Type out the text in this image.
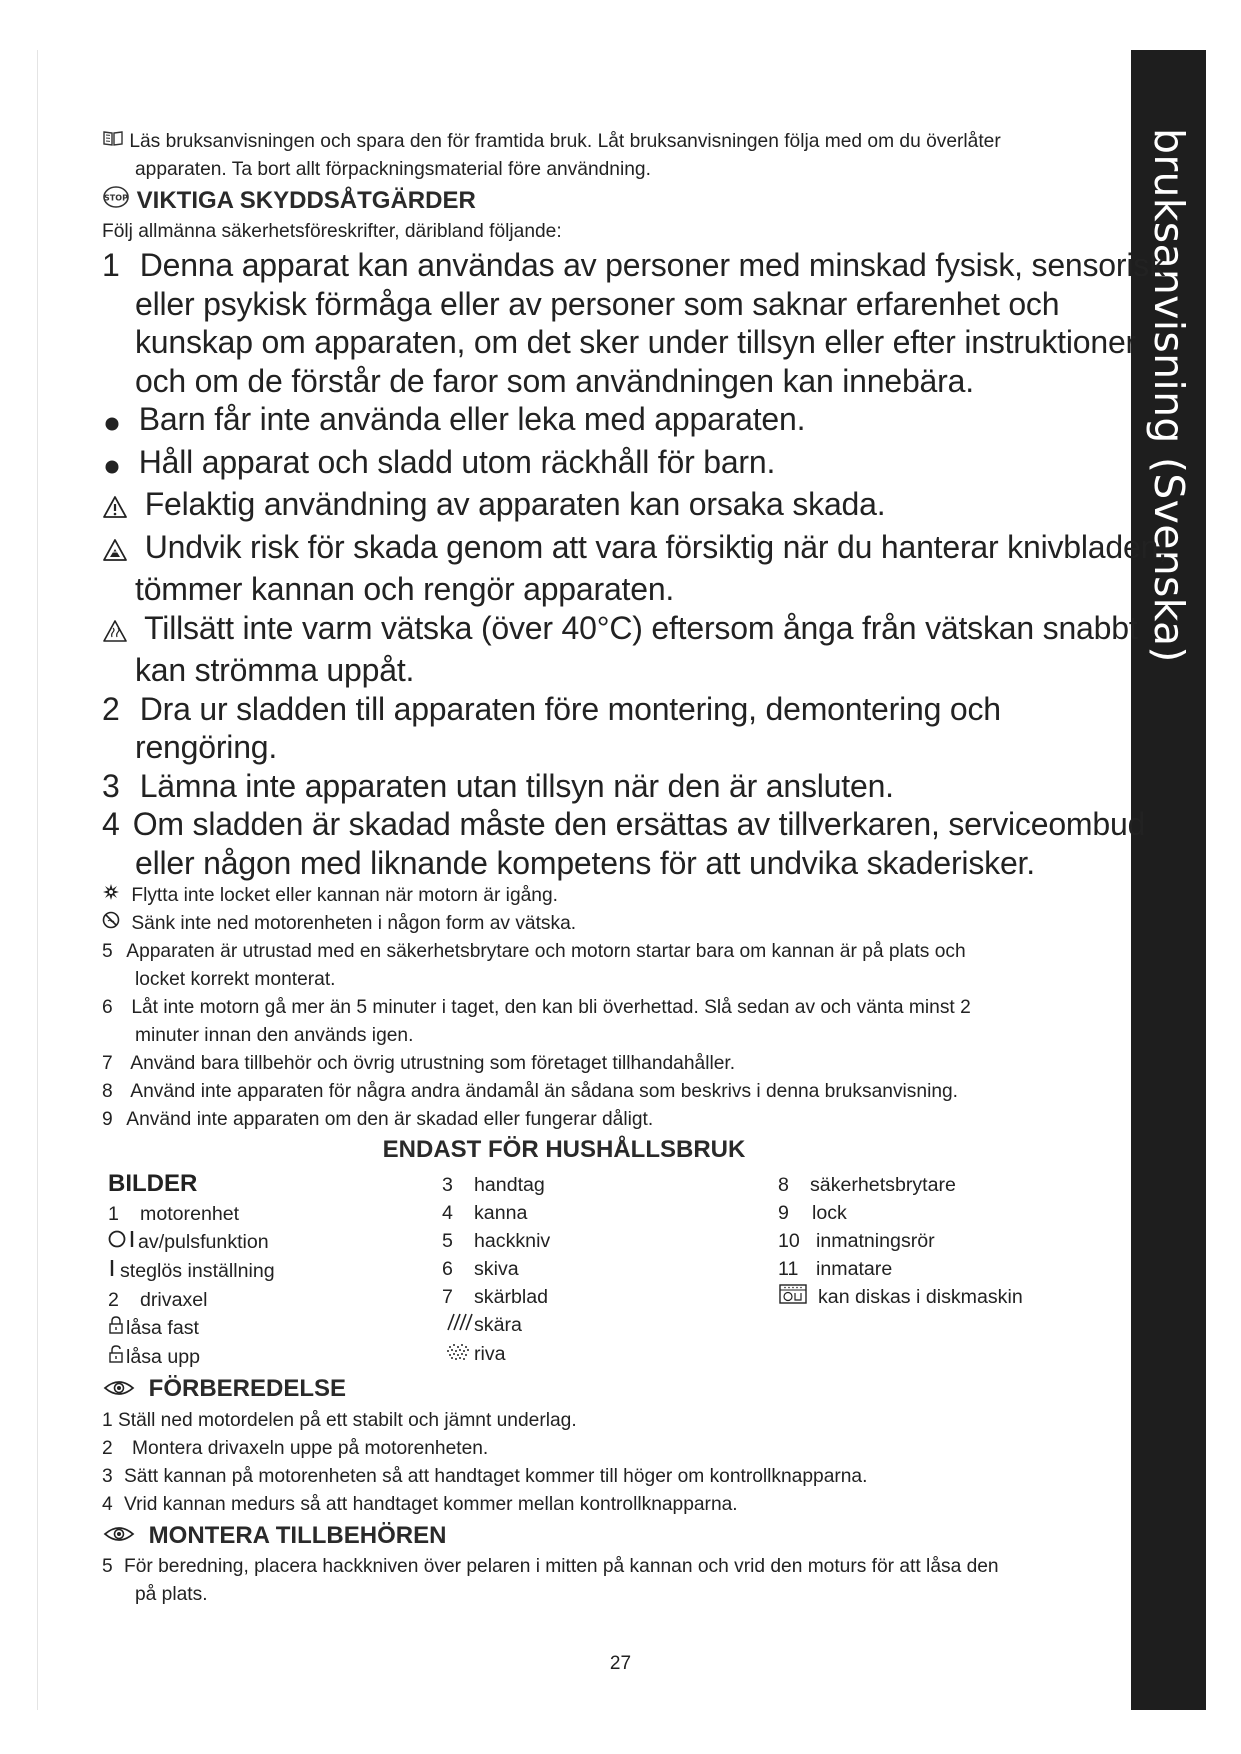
bruksanvisning (Svenska)
Läs bruksanvisningen och spara den för framtida bruk. Låt bruksanvisningen följa med om du överlåter
apparaten. Ta bort allt förpackningsmaterial före användning.
STOP VIKTIGA SKYDDSÅTGÄRDER
Följ allmänna säkerhetsföreskrifter, däribland följande:
1 Denna apparat kan användas av personer med minskad fysisk, sensorisk
eller psykisk förmåga eller av personer som saknar erfarenhet och
kunskap om apparaten, om det sker under tillsyn eller efter instruktioner
och om de förstår de faror som användningen kan innebära.
Barn får inte använda eller leka med apparaten.
Håll apparat och sladd utom räckhåll för barn.
Felaktig användning av apparaten kan orsaka skada.
Undvik risk för skada genom att vara försiktig när du hanterar knivbladen,
tömmer kannan och rengör apparaten.
Tillsätt inte varm vätska (över 40°C) eftersom ånga från vätskan snabbt
kan strömma uppåt.
2 Dra ur sladden till apparaten före montering, demontering och
rengöring.
3 Lämna inte apparaten utan tillsyn när den är ansluten.
4 Om sladden är skadad måste den ersättas av tillverkaren, serviceombud
eller någon med liknande kompetens för att undvika skaderisker.
Flytta inte locket eller kannan när motorn är igång.
Sänk inte ned motorenheten i någon form av vätska.
5 Apparaten är utrustad med en säkerhetsbrytare och motorn startar bara om kannan är på plats och
locket korrekt monterat.
6 Låt inte motorn gå mer än 5 minuter i taget, den kan bli överhettad. Slå sedan av och vänta minst 2
minuter innan den används igen.
7 Använd bara tillbehör och övrig utrustning som företaget tillhandahåller.
8 Använd inte apparaten för några andra ändamål än sådana som beskrivs i denna bruksanvisning.
9 Använd inte apparaten om den är skadad eller fungerar dåligt.
ENDAST FÖR HUSHÅLLSBRUK
BILDER
1 motorenhet
av/pulsfunktion
steglös inställning
2 drivaxel
låsa fast
låsa upp
3 handtag
4 kanna
5 hackkniv
6 skiva
7 skärblad
skära
riva
8 säkerhetsbrytare
9 lock
10 inmatningsrör
11 inmatare
kan diskas i diskmaskin
FÖRBEREDELSE
1 Ställ ned motordelen på ett stabilt och jämnt underlag.
2 Montera drivaxeln uppe på motorenheten.
3 Sätt kannan på motorenheten så att handtaget kommer till höger om kontrollknapparna.
4 Vrid kannan medurs så att handtaget kommer mellan kontrollknapparna.
MONTERA TILLBEHÖREN
5 För beredning, placera hackkniven över pelaren i mitten på kannan och vrid den moturs för att låsa den
på plats.
27
